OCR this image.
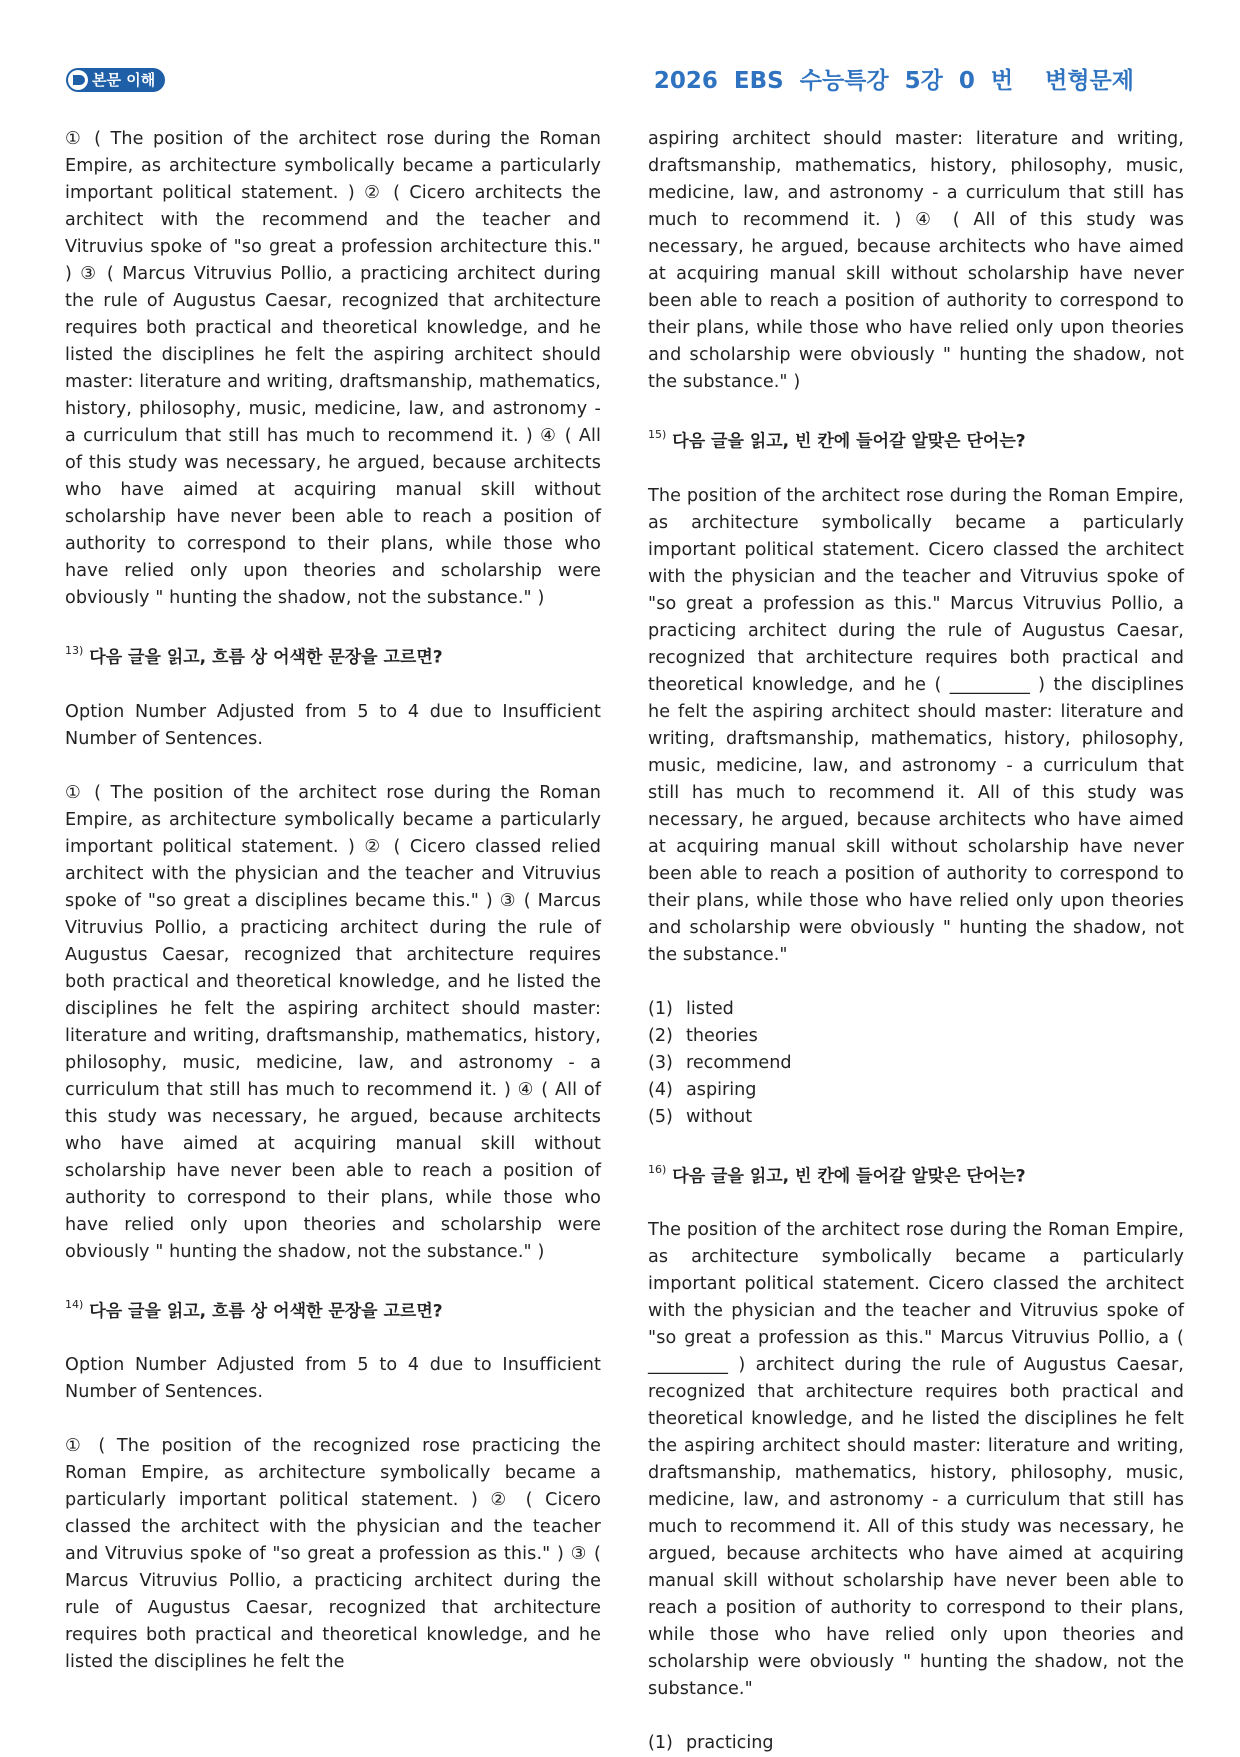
본문 이해	2026  EBS  수능특강  5강  0  번    변형문제

① ( The position of the architect rose during the Roman Empire, as architecture symbolically became a particularly important political statement. ) ② ( Cicero architects the architect with the recommend and the teacher and Vitruvius spoke of "so great a profession architecture this." ) ③ ( Marcus Vitruvius Pollio, a practicing architect during the rule of Augustus Caesar, recognized that architecture requires both practical and theoretical knowledge, and he listed the disciplines he felt the aspiring architect should master: literature and writing, draftsmanship, mathematics, history, philosophy, music, medicine, law, and astronomy - a curriculum that still has much to recommend it. ) ④ ( All of this study was necessary, he argued, because architects who have aimed at acquiring manual skill without scholarship have never been able to reach a position of authority to correspond to their plans, while those who have relied only upon theories and scholarship were obviously " hunting the shadow, not the substance." )

$^{13)}$ 다음 글을 읽고, 흐름 상 어색한 문장을 고르면?

Option Number Adjusted from 5 to 4 due to Insufficient Number of Sentences.

① ( The position of the architect rose during the Roman Empire, as architecture symbolically became a particularly important political statement. ) ② ( Cicero classed relied architect with the physician and the teacher and Vitruvius spoke of "so great a disciplines became this." ) ③ ( Marcus Vitruvius Pollio, a practicing architect during the rule of Augustus Caesar, recognized that architecture requires both practical and theoretical knowledge, and he listed the disciplines he felt the aspiring architect should master: literature and writing, draftsmanship, mathematics, history, philosophy, music, medicine, law, and astronomy - a curriculum that still has much to recommend it. ) ④ ( All of this study was necessary, he argued, because architects who have aimed at acquiring manual skill without scholarship have never been able to reach a position of authority to correspond to their plans, while those who have relied only upon theories and scholarship were obviously " hunting the shadow, not the substance." )

$^{14)}$ 다음 글을 읽고, 흐름 상 어색한 문장을 고르면?

Option Number Adjusted from 5 to 4 due to Insufficient Number of Sentences.

① ( The position of the recognized rose practicing the Roman Empire, as architecture symbolically became a particularly important political statement. ) ② ( Cicero classed the architect with the physician and the teacher and Vitruvius spoke of "so great a profession as this." ) ③ ( Marcus Vitruvius Pollio, a practicing architect during the rule of Augustus Caesar, recognized that architecture requires both practical and theoretical knowledge, and he listed the disciplines he felt the

aspiring architect should master: literature and writing, draftsmanship, mathematics, history, philosophy, music, medicine, law, and astronomy - a curriculum that still has much to recommend it. ) ④ ( All of this study was necessary, he argued, because architects who have aimed at acquiring manual skill without scholarship have never been able to reach a position of authority to correspond to their plans, while those who have relied only upon theories and scholarship were obviously " hunting the shadow, not the substance." )

$^{15)}$ 다음 글을 읽고, 빈 칸에 들어갈 알맞은 단어는?

The position of the architect rose during the Roman Empire, as architecture symbolically became a particularly important political statement. Cicero classed the architect with the physician and the teacher and Vitruvius spoke of "so great a profession as this." Marcus Vitruvius Pollio, a practicing architect during the rule of Augustus Caesar, recognized that architecture requires both practical and theoretical knowledge, and he ( _________ ) the disciplines he felt the aspiring architect should master: literature and writing, draftsmanship, mathematics, history, philosophy, music, medicine, law, and astronomy - a curriculum that still has much to recommend it. All of this study was necessary, he argued, because architects who have aimed at acquiring manual skill without scholarship have never been able to reach a position of authority to correspond to their plans, while those who have relied only upon theories and scholarship were obviously " hunting the shadow, not the substance."

(1) listed

(2) theories

(3) recommend

(4) aspiring

(5) without

$^{16)}$ 다음 글을 읽고, 빈 칸에 들어갈 알맞은 단어는?

The position of the architect rose during the Roman Empire, as architecture symbolically became a particularly important political statement. Cicero classed the architect with the physician and the teacher and Vitruvius spoke of "so great a profession as this." Marcus Vitruvius Pollio, a ( _________ ) architect during the rule of Augustus Caesar, recognized that architecture requires both practical and theoretical knowledge, and he listed the disciplines he felt the aspiring architect should master: literature and writing, draftsmanship, mathematics, history, philosophy, music, medicine, law, and astronomy - a curriculum that still has much to recommend it. All of this study was necessary, he argued, because architects who have aimed at acquiring manual skill without scholarship have never been able to reach a position of authority to correspond to their plans, while those who have relied only upon theories and scholarship were obviously " hunting the shadow, not the substance."

(1) practicing
